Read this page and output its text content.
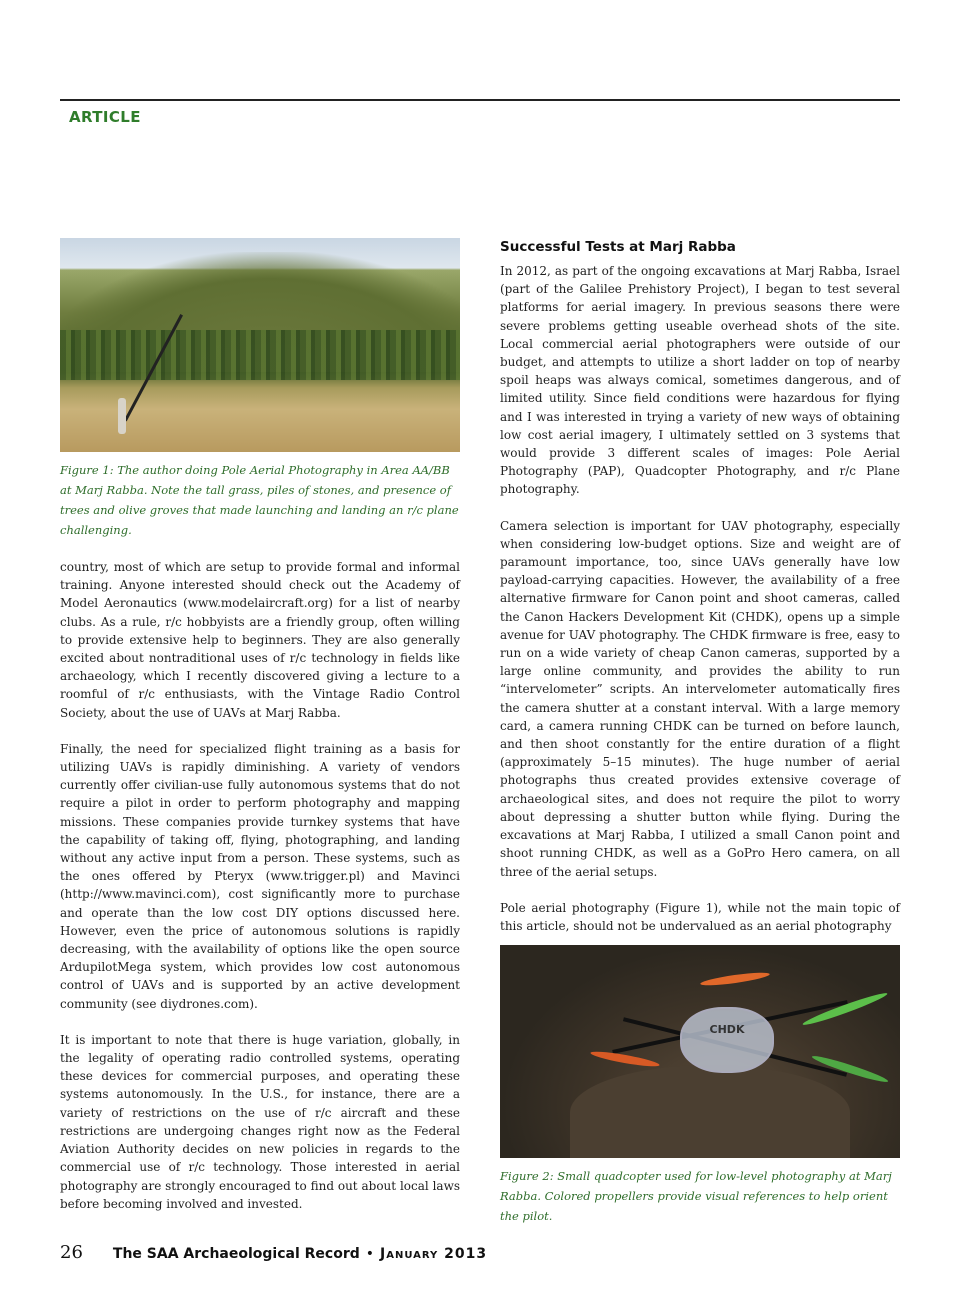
ARTICLE
Figure 1: The author doing Pole Aerial Photography in Area AA/BB at Marj Rabba. Note the tall grass, piles of stones, and presence of trees and olive groves that made launching and landing an r/c plane challenging.

country, most of which are setup to provide formal and informal training. Anyone interested should check out the Academy of Model Aeronautics (www.modelaircraft.org) for a list of nearby clubs. As a rule, r/c hobbyists are a friendly group, often willing to provide extensive help to beginners. They are also generally excited about nontraditional uses of r/c technology in fields like archaeology, which I recently discovered giving a lecture to a roomful of r/c enthusiasts, with the Vintage Radio Control Society, about the use of UAVs at Marj Rabba.

Finally, the need for specialized flight training as a basis for utilizing UAVs is rapidly diminishing. A variety of vendors currently offer civilian-use fully autonomous systems that do not require a pilot in order to perform photography and mapping missions. These companies provide turnkey systems that have the capability of taking off, flying, photographing, and landing without any active input from a person. These systems, such as the ones offered by Pteryx (www.trigger.pl) and Mavinci (http://www.mavinci.com), cost significantly more to purchase and operate than the low cost DIY options discussed here. However, even the price of autonomous solutions is rapidly decreasing, with the availability of options like the open source ArdupilotMega system, which provides low cost autonomous control of UAVs and is supported by an active development community (see diydrones.com).

It is important to note that there is huge variation, globally, in the legality of operating radio controlled systems, operating these devices for commercial purposes, and operating these systems autonomously. In the U.S., for instance, there are a variety of restrictions on the use of r/c aircraft and these restrictions are undergoing changes right now as the Federal Aviation Authority decides on new policies in regards to the commercial use of r/c technology. Those interested in aerial photography are strongly encouraged to find out about local laws before becoming involved and invested.

Successful Tests at Marj Rabba

In 2012, as part of the ongoing excavations at Marj Rabba, Israel (part of the Galilee Prehistory Project), I began to test several platforms for aerial imagery. In previous seasons there were severe problems getting useable overhead shots of the site. Local commercial aerial photographers were outside of our budget, and attempts to utilize a short ladder on top of nearby spoil heaps was always comical, sometimes dangerous, and of limited utility. Since field conditions were hazardous for flying and I was interested in trying a variety of new ways of obtaining low cost aerial imagery, I ultimately settled on 3 systems that would provide 3 different scales of images: Pole Aerial Photography (PAP), Quadcopter Photography, and r/c Plane photography.

Camera selection is important for UAV photography, especially when considering low-budget options. Size and weight are of paramount importance, too, since UAVs generally have low payload-carrying capacities. However, the availability of a free alternative firmware for Canon point and shoot cameras, called the Canon Hackers Development Kit (CHDK), opens up a simple avenue for UAV photography. The CHDK firmware is free, easy to run on a wide variety of cheap Canon cameras, supported by a large online community, and provides the ability to run “intervelometer” scripts. An intervelometer automatically fires the camera shutter at a constant interval. With a large memory card, a camera running CHDK can be turned on before launch, and then shoot constantly for the entire duration of a flight (approximately 5–15 minutes). The huge number of aerial photographs thus created provides extensive coverage of archaeological sites, and does not require the pilot to worry about depressing a shutter button while flying. During the excavations at Marj Rabba, I utilized a small Canon point and shoot running CHDK, as well as a GoPro Hero camera, on all three of the aerial setups.

Pole aerial photography (Figure 1), while not the main topic of this article, should not be undervalued as an aerial photography

CHDK
Figure 2: Small quadcopter used for low-level photography at Marj Rabba. Colored propellers provide visual references to help orient the pilot.
26 The SAA Archaeological Record • January 2013
